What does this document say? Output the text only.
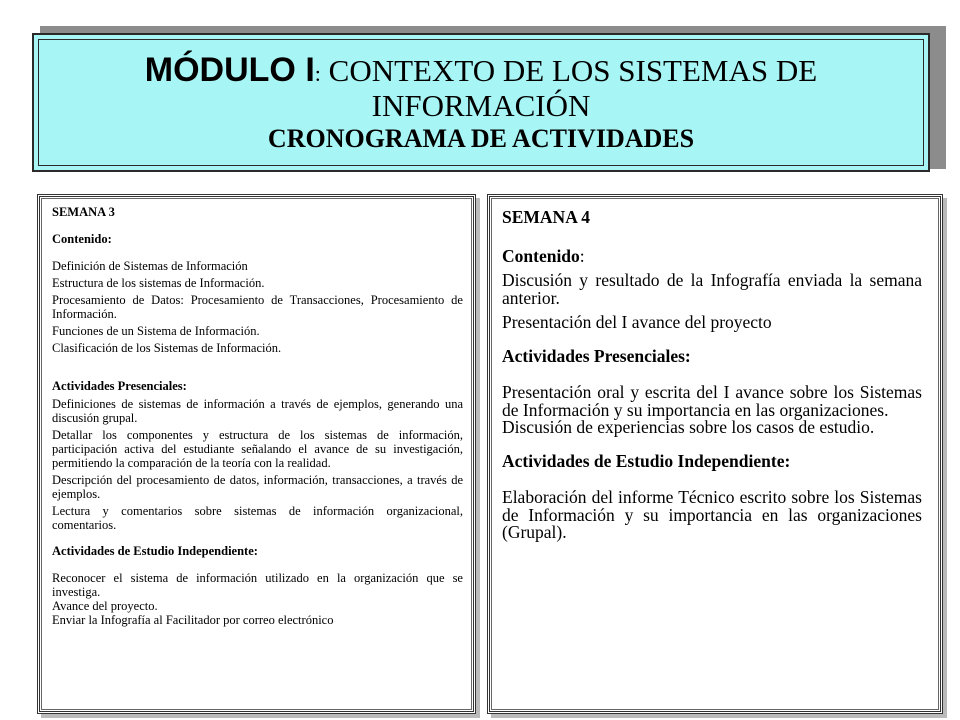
MÓDULO I: CONTEXTO DE LOS SISTEMAS DE
INFORMACIÓN
CRONOGRAMA DE ACTIVIDADES

SEMANA 3

Contenido:

Definición de Sistemas de Información

Estructura de los sistemas de Información.

Procesamiento de Datos: Procesamiento de Transacciones, Procesamiento de Información.

Funciones de un Sistema de Información.

Clasificación de los Sistemas de Información.

Actividades Presenciales:

Definiciones de sistemas de información a través de ejemplos, generando una discusión grupal.

Detallar los componentes y estructura de los sistemas de información, participación activa del estudiante señalando el avance de su investigación, permitiendo la comparación de la teoría con la realidad.

Descripción del procesamiento de datos, información, transacciones, a través de ejemplos.

Lectura y comentarios sobre sistemas de información organizacional, comentarios.

Actividades de Estudio Independiente:

Reconocer el sistema de información utilizado en la organización que se investiga.

Avance del proyecto.

Enviar la Infografía al Facilitador por correo electrónico

SEMANA 4

Contenido:

Discusión y resultado de la Infografía enviada la semana anterior.

Presentación del I avance del proyecto

Actividades Presenciales:

Presentación oral y escrita del I avance sobre los Sistemas de Información y su importancia en las organizaciones.

Discusión de experiencias sobre los casos de estudio.

Actividades de Estudio Independiente:

Elaboración del informe Técnico escrito sobre los Sistemas de Información y su importancia en las organizaciones (Grupal).
